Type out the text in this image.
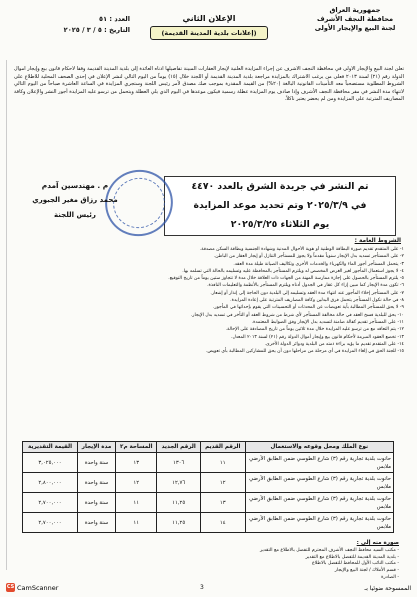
جمهورية العراق
محافظة النجف الأشرف
لجنة البيع والإيجار الأولى
الإعلان الثاني
(إعلانات بلدية المدينة القديمة)
العدد : ٥١
التاريخ : ٥ / ٣ / ٢٠٢٥
تعلن لجنة البيع والإيجار الأولى في محافظة النجف الأشرف عن إجراء المزايدة العلنية لإيجار العقارات المبينة تفاصيلها أدناه العائدة إلى بلدية المدينة القديمة وفقاً لأحكام قانون بيع وإيجار أموال الدولة رقم (٢١) لسنة ٢٠١٣ فعلى من يرغب الاشتراك بالمزايدة مراجعة بلدية المدينة القديمة أو اللجنة خلال (١٥) يوماً من اليوم التالي لنشر الإعلان في إحدى الصحف المحلية للاطلاع على الشروط المطلوبة مستصحباً معه التأمينات القانونية البالغة (٢٠%) من القيمة المقدرة بموجب صك مصدق لأمر رئيس اللجنة وستجري المزايدة في الساعة العاشرة صباحاً من اليوم التالي لانتهاء مدة النشر في مقر محافظة النجف الأشرف وإذا صادف يوم المزايدة عطلة رسمية فيكون موعدها في اليوم الذي يلي العطلة ويتحمل من ترسو عليه المزايدة أجور النشر والإعلان وكافة المصاريف المترتبة على المزايدة ومن لم يحضر يعتبر ناكلاً.
تم النشر في جريدة الشرق بالعدد ٤٤٧٠
في ٢٠٢٥/٣/٩ وتم تحديد موعد المزايدة
يوم الثلاثاء ٢٠٢٥/٣/٢٥
م . مهندسين آمدم
محمد رزاق مغير الجبوري
رئيس اللجنة
الشروط العامة :
١- على المتقدم تقديم صورة البطاقة الوطنية أو هوية الأحوال المدنية وشهادة الجنسية وبطاقة السكن مصدقة.
٢- على المستأجر تسديد بدل الإيجار سنوياً مقدماً ولا يجوز للمستأجر التنازل أو إيجار العقار من الباطن.
٣- يتحمل المستأجر أجور الماء والكهرباء والخدمات الأخرى وتكاليف الصيانة طيلة مدة العقد.
٤- لا يجوز استعمال المأجور لغير الغرض المخصص له ويلتزم المستأجر بالمحافظة عليه وتسليمه بالحالة التي تسلمه بها.
٥- يلتزم المستأجر بالحصول على إجازة ممارسة المهنة من الجهات ذات العلاقة خلال مدة لا تتجاوز ستين يوماً من تاريخ التوقيع.
٦- تكون مدة الإيجار كما مبين إزاء كل عقار في الجدول أدناه ويلتزم المستأجر بالأنظمة والتعليمات النافذة.
٧- على المستأجر إخلاء المأجور عند انتهاء مدة العقد وتسليمه إلى البلدية دون الحاجة إلى إنذار أو إشعار.
٨- في حالة نكول المستأجر يتحمل فرق البدلين وكافة المصاريف المترتبة على إعادة المزايدة.
٩- لا يحق للمستأجر المطالبة بأية تعويضات عن المحدثات أو التحسينات التي يقوم بإحداثها في المأجور.
١٠- يحق للبلدية فسخ العقد في حالة مخالفة المستأجر لأي شرط من شروط العقد أو التأخر في تسديد بدل الإيجار.
١١- على المستأجر تقديم كفالة ضامنة لتسديد بدل الإيجار وفق الضوابط المعتمدة.
١٢- يتم التعاقد مع من ترسو عليه المزايدة خلال مدة ثلاثين يوماً من تاريخ المصادقة على الإحالة.
١٣- تخضع العقود المبرمة لأحكام قانون بيع وإيجار أموال الدولة رقم (٢١) لسنة ٢٠١٣ المعدل.
١٤- على المتقدم تقديم ما يؤيد براءة ذمته من البلدية ودوائر الدولة الأخرى.
١٥- للجنة الحق في إلغاء المزايدة في أي مرحلة من مراحلها دون أن يحق للمشاركين المطالبة بأي تعويض.
نوع الملك ومحل وقوعه والاستعمال	الرقم القديم	الرقم الجديد	المساحة م٢	مدة الإيجار	القيمة التقديرية

حانوت بلدية تجارية رقم (٣) شارع الطوسي ضمن الطابق الأرضي
ملابس	١١	١٣٠٦	١٣	سنة واحدة	٣,٠٢٥,٠٠٠

حانوت بلدية تجارية رقم (٣) شارع الطوسي ضمن الطابق الأرضي
ملابس	١٢	١٢,٧٦	١٢	سنة واحدة	٢,٨٠٠,٠٠٠

حانوت بلدية تجارية رقم (٣) شارع الطوسي ضمن الطابق الأرضي
ملابس	١٣	١١,٢٥	١١	سنة واحدة	٢,٧٠٠,٠٠٠

حانوت بلدية تجارية رقم (٣) شارع الطوسي ضمن الطابق الأرضي
ملابس	١٤	١١,٢٥	١١	سنة واحدة	٢,٧٠٠,٠٠٠
صورة منه إلى :
- مكتب السيد محافظ النجف الأشرف المحترم للتفضل بالاطلاع مع التقدير
- بلدية المدينة القديمة للتفضل بالاطلاع مع التقدير
- مكتب النائب الأول للمحافظ للتفضل بالاطلاع
- قسم الأملاك / لجنة البيع والإيجار
- الصادرة
3
CS CamScanner	الممسوحة ضوئيا بـ
